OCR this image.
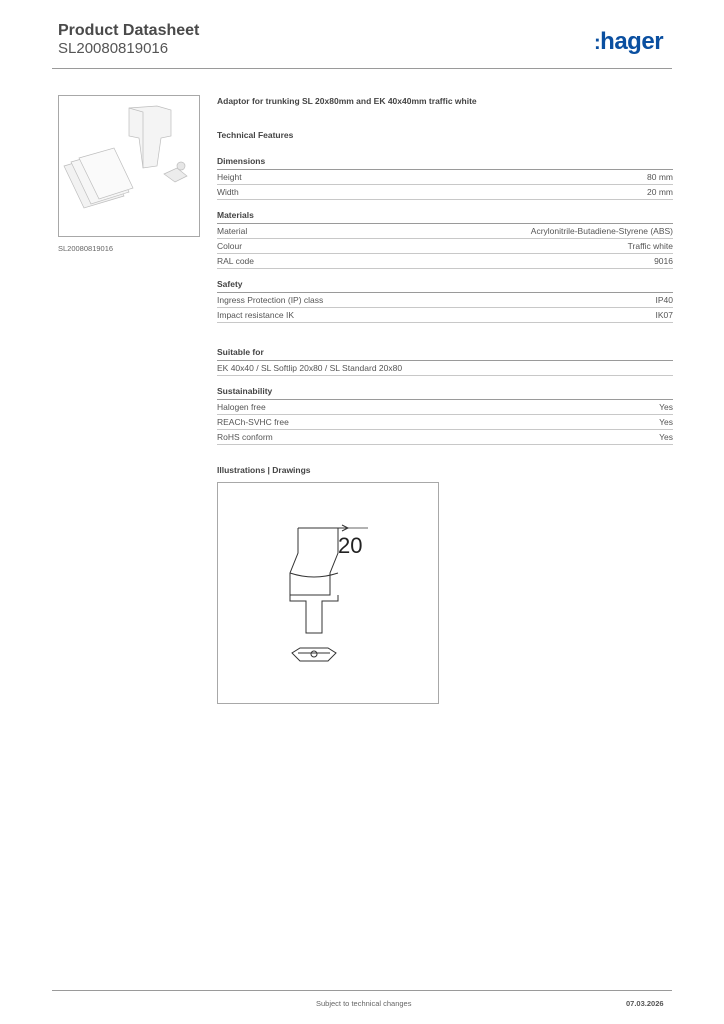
Product Datasheet
SL20080819016	:hager
SL20080819016
Adaptor for trunking SL 20x80mm and EK 40x40mm traffic white
Technical Features
Dimensions
Height	80 mm
Width	20 mm
Materials
Material	Acrylonitrile-Butadiene-Styrene (ABS)
Colour	Traffic white
RAL code	9016
Safety
Ingress Protection (IP) class	IP40
Impact resistance IK	IK07
Suitable for
EK 40x40 / SL Softlip 20x80 / SL Standard 20x80
Sustainability
Halogen free	Yes
REACh-SVHC free	Yes
RoHS conform	Yes
Illustrations | Drawings
20
Subject to technical changes	07.03.2026
